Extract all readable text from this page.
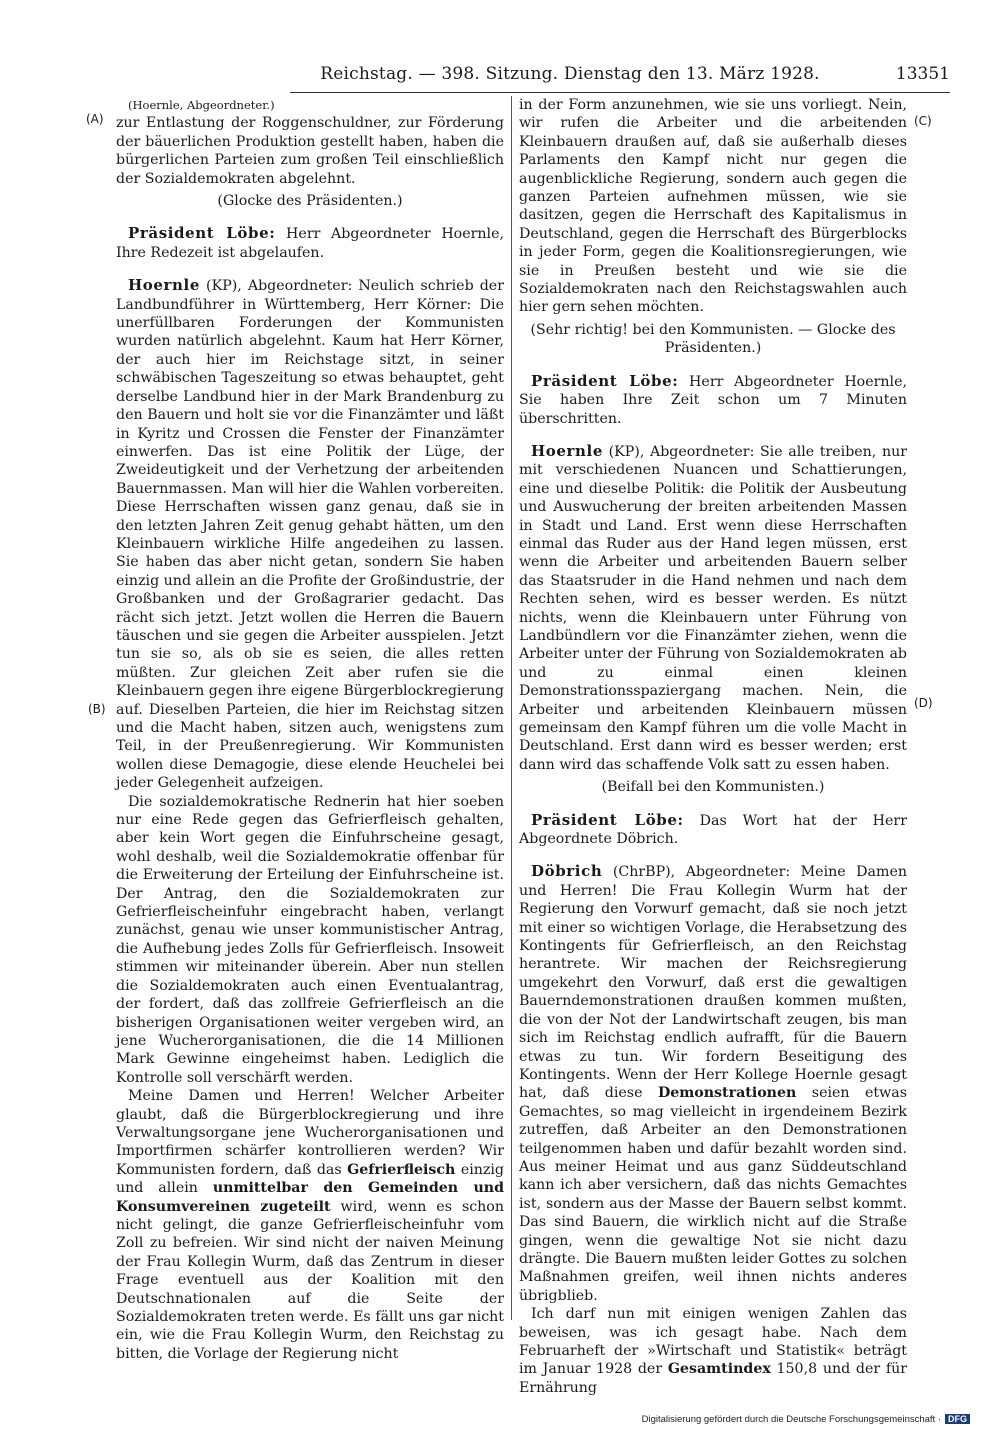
Reichstag. — 398. Sitzung. Dienstag den 13. März 1928.	13351
(A)
(B)
(C)
(D)

(Hoernle, Abgeordneter.)

zur Entlastung der Roggenschuldner, zur Förderung der bäuerlichen Produktion gestellt haben, haben die bürgerlichen Parteien zum großen Teil einschließlich der Sozialdemokraten abgelehnt.

(Glocke des Präsidenten.)

Präsident Löbe: Herr Abgeordneter Hoernle, Ihre Redezeit ist abgelaufen.

Hoernle (KP), Abgeordneter: Neulich schrieb der Landbundführer in Württemberg, Herr Körner: Die unerfüllbaren Forderungen der Kommunisten wurden natürlich abgelehnt. Kaum hat Herr Körner, der auch hier im Reichstage sitzt, in seiner schwäbischen Tageszeitung so etwas behauptet, geht derselbe Landbund hier in der Mark Brandenburg zu den Bauern und holt sie vor die Finanzämter und läßt in Kyritz und Crossen die Fenster der Finanzämter einwerfen. Das ist eine Politik der Lüge, der Zweideutigkeit und der Verhetzung der arbeitenden Bauernmassen. Man will hier die Wahlen vorbereiten. Diese Herrschaften wissen ganz genau, daß sie in den letzten Jahren Zeit genug gehabt hätten, um den Kleinbauern wirkliche Hilfe angedeihen zu lassen. Sie haben das aber nicht getan, sondern Sie haben einzig und allein an die Profite der Großindustrie, der Großbanken und der Großagrarier gedacht. Das rächt sich jetzt. Jetzt wollen die Herren die Bauern täuschen und sie gegen die Arbeiter ausspielen. Jetzt tun sie so, als ob sie es seien, die alles retten müßten. Zur gleichen Zeit aber rufen sie die Kleinbauern gegen ihre eigene Bürgerblockregierung auf. Dieselben Parteien, die hier im Reichstag sitzen und die Macht haben, sitzen auch, wenigstens zum Teil, in der Preußenregierung. Wir Kommunisten wollen diese Demagogie, diese elende Heuchelei bei jeder Gelegenheit aufzeigen.

Die sozialdemokratische Rednerin hat hier soeben nur eine Rede gegen das Gefrierfleisch gehalten, aber kein Wort gegen die Einfuhrscheine gesagt, wohl deshalb, weil die Sozialdemokratie offenbar für die Erweiterung der Erteilung der Einfuhrscheine ist. Der Antrag, den die Sozialdemokraten zur Gefrierfleischeinfuhr eingebracht haben, verlangt zunächst, genau wie unser kommunistischer Antrag, die Aufhebung jedes Zolls für Gefrierfleisch. Insoweit stimmen wir miteinander überein. Aber nun stellen die Sozialdemokraten auch einen Eventualantrag, der fordert, daß das zollfreie Gefrierfleisch an die bisherigen Organisationen weiter vergeben wird, an jene Wucherorganisationen, die die 14 Millionen Mark Gewinne eingeheimst haben. Lediglich die Kontrolle soll verschärft werden.

Meine Damen und Herren! Welcher Arbeiter glaubt, daß die Bürgerblockregierung und ihre Verwaltungsorgane jene Wucherorganisationen und Importfirmen schärfer kontrollieren werden? Wir Kommunisten fordern, daß das Gefrierfleisch einzig und allein unmittelbar den Gemeinden und Konsumvereinen zugeteilt wird, wenn es schon nicht gelingt, die ganze Gefrierfleischeinfuhr vom Zoll zu befreien. Wir sind nicht der naiven Meinung der Frau Kollegin Wurm, daß das Zentrum in dieser Frage eventuell aus der Koalition mit den Deutschnationalen auf die Seite der Sozialdemokraten treten werde. Es fällt uns gar nicht ein, wie die Frau Kollegin Wurm, den Reichstag zu bitten, die Vorlage der Regierung nicht

in der Form anzunehmen, wie sie uns vorliegt. Nein, wir rufen die Arbeiter und die arbeitenden Kleinbauern draußen auf, daß sie außerhalb dieses Parlaments den Kampf nicht nur gegen die augenblickliche Regierung, sondern auch gegen die ganzen Parteien aufnehmen müssen, wie sie dasitzen, gegen die Herrschaft des Kapitalismus in Deutschland, gegen die Herrschaft des Bürgerblocks in jeder Form, gegen die Koalitionsregierungen, wie sie in Preußen besteht und wie sie die Sozialdemokraten nach den Reichstagswahlen auch hier gern sehen möchten.

(Sehr richtig! bei den Kommunisten. — Glocke des Präsidenten.)

Präsident Löbe: Herr Abgeordneter Hoernle, Sie haben Ihre Zeit schon um 7 Minuten überschritten.

Hoernle (KP), Abgeordneter: Sie alle treiben, nur mit verschiedenen Nuancen und Schattierungen, eine und dieselbe Politik: die Politik der Ausbeutung und Auswucherung der breiten arbeitenden Massen in Stadt und Land. Erst wenn diese Herrschaften einmal das Ruder aus der Hand legen müssen, erst wenn die Arbeiter und arbeitenden Bauern selber das Staatsruder in die Hand nehmen und nach dem Rechten sehen, wird es besser werden. Es nützt nichts, wenn die Kleinbauern unter Führung von Landbündlern vor die Finanzämter ziehen, wenn die Arbeiter unter der Führung von Sozialdemokraten ab und zu einmal einen kleinen Demonstrationsspaziergang machen. Nein, die Arbeiter und arbeitenden Kleinbauern müssen gemeinsam den Kampf führen um die volle Macht in Deutschland. Erst dann wird es besser werden; erst dann wird das schaffende Volk satt zu essen haben.

(Beifall bei den Kommunisten.)

Präsident Löbe: Das Wort hat der Herr Abgeordnete Döbrich.

Döbrich (ChrBP), Abgeordneter: Meine Damen und Herren! Die Frau Kollegin Wurm hat der Regierung den Vorwurf gemacht, daß sie noch jetzt mit einer so wichtigen Vorlage, die Herabsetzung des Kontingents für Gefrierfleisch, an den Reichstag herantrete. Wir machen der Reichsregierung umgekehrt den Vorwurf, daß erst die gewaltigen Bauerndemonstrationen draußen kommen mußten, die von der Not der Landwirtschaft zeugen, bis man sich im Reichstag endlich aufrafft, für die Bauern etwas zu tun. Wir fordern Beseitigung des Kontingents. Wenn der Herr Kollege Hoernle gesagt hat, daß diese Demonstrationen seien etwas Gemachtes, so mag vielleicht in irgendeinem Bezirk zutreffen, daß Arbeiter an den Demonstrationen teilgenommen haben und dafür bezahlt worden sind. Aus meiner Heimat und aus ganz Süddeutschland kann ich aber versichern, daß das nichts Gemachtes ist, sondern aus der Masse der Bauern selbst kommt. Das sind Bauern, die wirklich nicht auf die Straße gingen, wenn die gewaltige Not sie nicht dazu drängte. Die Bauern mußten leider Gottes zu solchen Maßnahmen greifen, weil ihnen nichts anderes übrigblieb.

Ich darf nun mit einigen wenigen Zahlen das beweisen, was ich gesagt habe. Nach dem Februarheft der »Wirtschaft und Statistik« beträgt im Januar 1928 der Gesamtindex 150,8 und der für Ernährung

Digitalisierung gefördert durch die Deutsche Forschungsgemeinschaft · DFG
